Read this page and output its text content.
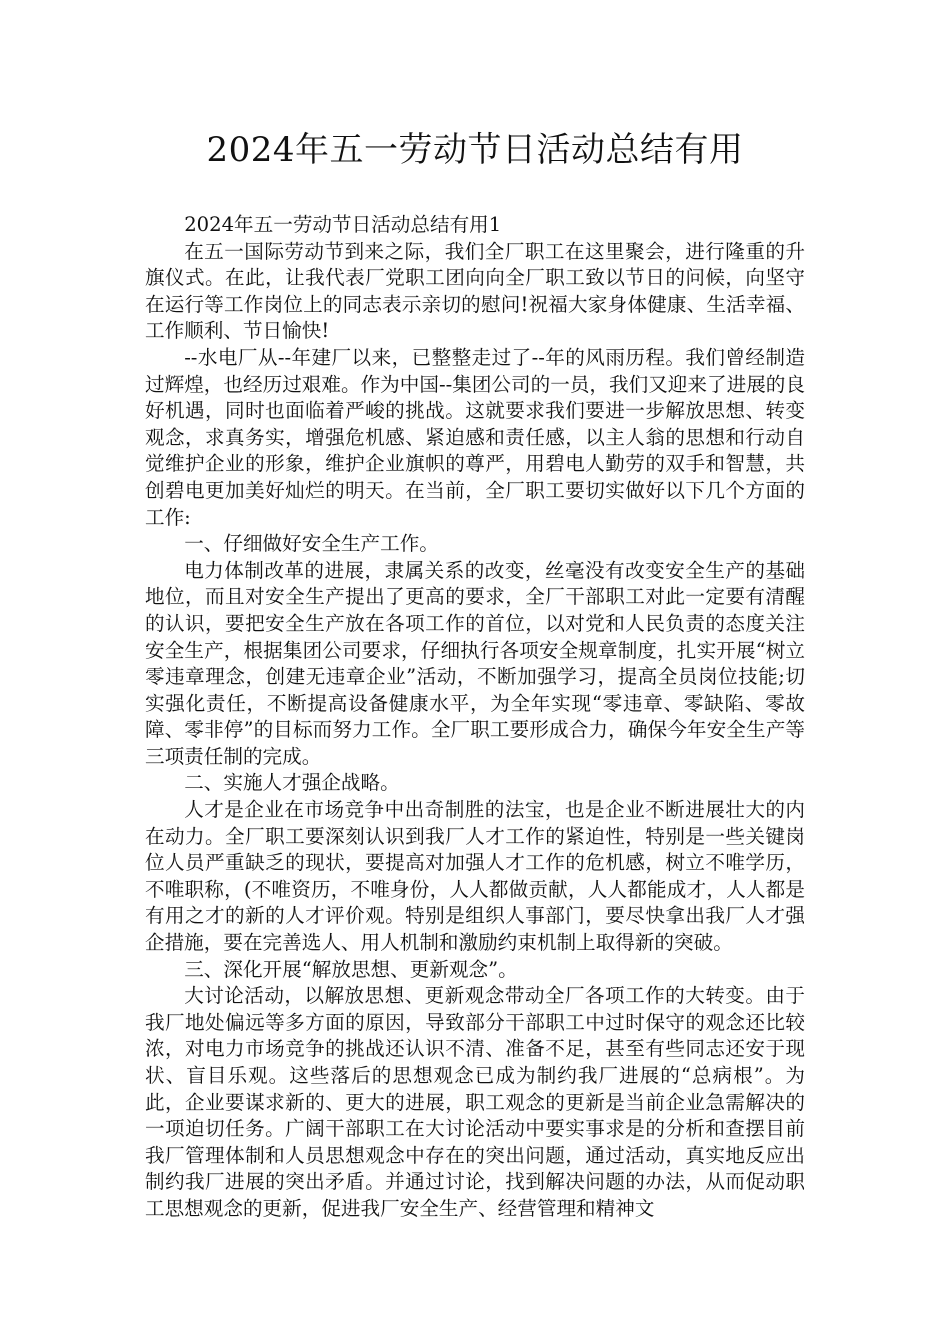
2024年五一劳动节日活动总结有用

2024年五一劳动节日活动总结有用1

在五一国际劳动节到来之际，我们全厂职工在这里聚会，进行隆重的升旗仪式。在此，让我代表厂党职工团向向全厂职工致以节日的问候，向坚守在运行等工作岗位上的同志表示亲切的慰问!祝福大家身体健康、生活幸福、工作顺利、节日愉快!

--水电厂从--年建厂以来，已整整走过了--年的风雨历程。我们曾经制造过辉煌，也经历过艰难。作为中国--集团公司的一员，我们又迎来了进展的良好机遇，同时也面临着严峻的挑战。这就要求我们要进一步解放思想、转变观念，求真务实，增强危机感、紧迫感和责任感，以主人翁的思想和行动自觉维护企业的形象，维护企业旗帜的尊严，用碧电人勤劳的双手和智慧，共创碧电更加美好灿烂的明天。在当前，全厂职工要切实做好以下几个方面的工作:

一、仔细做好安全生产工作。

电力体制改革的进展，隶属关系的改变，丝毫没有改变安全生产的基础地位，而且对安全生产提出了更高的要求，全厂干部职工对此一定要有清醒的认识，要把安全生产放在各项工作的首位，以对党和人民负责的态度关注安全生产，根据集团公司要求，仔细执行各项安全规章制度，扎实开展“树立零违章理念，创建无违章企业”活动，不断加强学习，提高全员岗位技能;切实强化责任，不断提高设备健康水平，为全年实现“零违章、零缺陷、零故障、零非停”的目标而努力工作。全厂职工要形成合力，确保今年安全生产等三项责任制的完成。

二、实施人才强企战略。

人才是企业在市场竞争中出奇制胜的法宝，也是企业不断进展壮大的内在动力。全厂职工要深刻认识到我厂人才工作的紧迫性，特别是一些关键岗位人员严重缺乏的现状，要提高对加强人才工作的危机感，树立不唯学历，不唯职称，(不唯资历，不唯身份，人人都做贡献，人人都能成才，人人都是有用之才的新的人才评价观。特别是组织人事部门，要尽快拿出我厂人才强企措施，要在完善选人、用人机制和激励约束机制上取得新的突破。

三、深化开展“解放思想、更新观念”。

大讨论活动，以解放思想、更新观念带动全厂各项工作的大转变。由于我厂地处偏远等多方面的原因，导致部分干部职工中过时保守的观念还比较浓，对电力市场竞争的挑战还认识不清、准备不足，甚至有些同志还安于现状、盲目乐观。这些落后的思想观念已成为制约我厂进展的“总病根”。为此，企业要谋求新的、更大的进展，职工观念的更新是当前企业急需解决的一项迫切任务。广阔干部职工在大讨论活动中要实事求是的分析和查摆目前我厂管理体制和人员思想观念中存在的突出问题，通过活动，真实地反应出制约我厂进展的突出矛盾。并通过讨论，找到解决问题的办法，从而促动职工思想观念的更新，促进我厂安全生产、经营管理和精神文
